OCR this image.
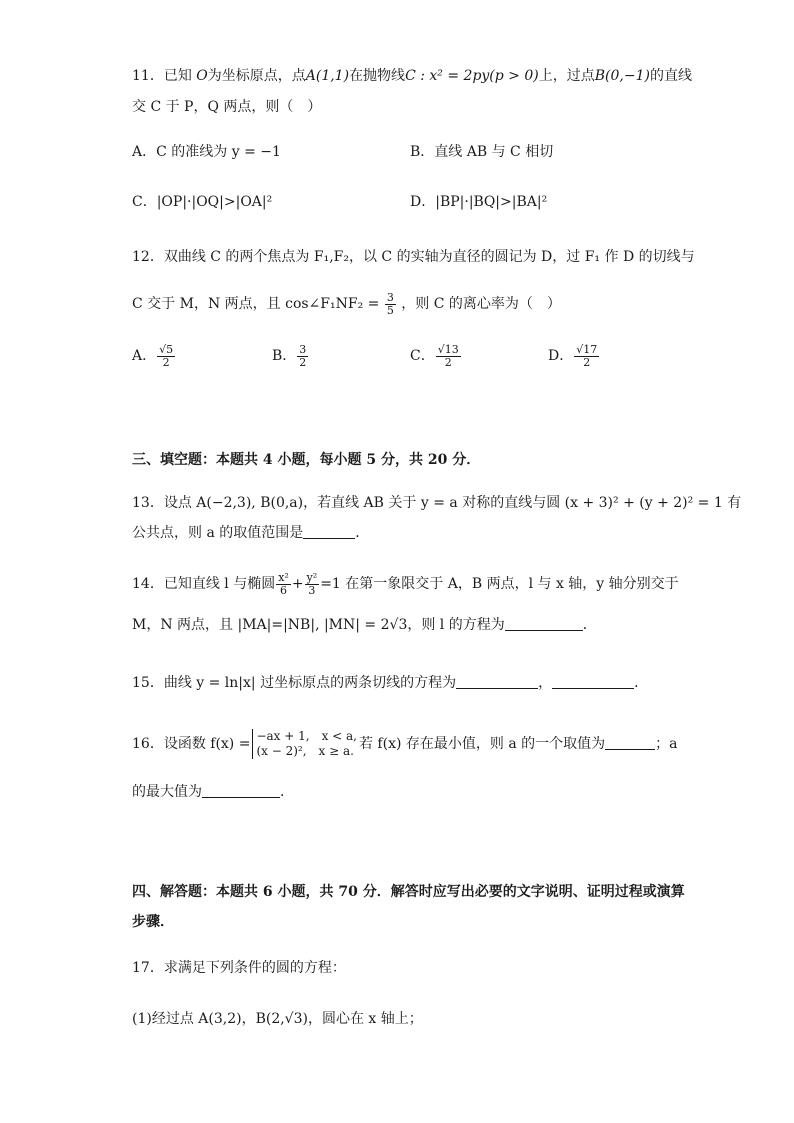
11．已知 O为坐标原点，点A(1,1)在抛物线C : x² = 2py(p > 0)上，过点B(0,−1)的直线
交 C 于 P，Q 两点，则（　）
A．C 的准线为 y = −1	B．直线 AB 与 C 相切
C．|OP|·|OQ|>|OA|²	D．|BP|·|BQ|>|BA|²
12．双曲线 C 的两个焦点为 F₁,F₂，以 C 的实轴为直径的圆记为 D，过 F₁ 作 D 的切线与
C 交于 M，N 两点，且 cos∠F₁NF₂ = $\frac{3}{5}$ ，则 C 的离心率为（　）
A． $\frac{√5}{2}$	B． $\frac{3}{2}$	C． $\frac{√13}{2}$	D． $\frac{√17}{2}$
三、填空题：本题共 4 小题，每小题 5 分，共 20 分．
13．设点 A(−2,3), B(0,a)，若直线 AB 关于 y = a 对称的直线与圆 (x + 3)² + (y + 2)² = 1 有
公共点，则 a 的取值范围是	．
14．已知直线 l 与椭圆 $\frac{\text{x²}}{6} + \frac{\text{y²}}{3} =1$ 在第一象限交于 A，B 两点，l 与 x 轴，y 轴分别交于
M，N 两点，且 |MA|=|NB|, |MN| = 2√3，则 l 的方程为	．
15．曲线 y = ln|x| 过坐标原点的两条切线的方程为	，	．
16．设函数 f(x) = −ax + 1,　x < a,
(x − 2)²,　x ≥ a. 若 f(x) 存在最小值，则 a 的一个取值为	；a
的最大值为	．
四、解答题：本题共 6 小题，共 70 分．解答时应写出必要的文字说明、证明过程或演算
步骤．
17．求满足下列条件的圆的方程：
(1)经过点 A(3,2)，B(2,√3)，圆心在 x 轴上；
